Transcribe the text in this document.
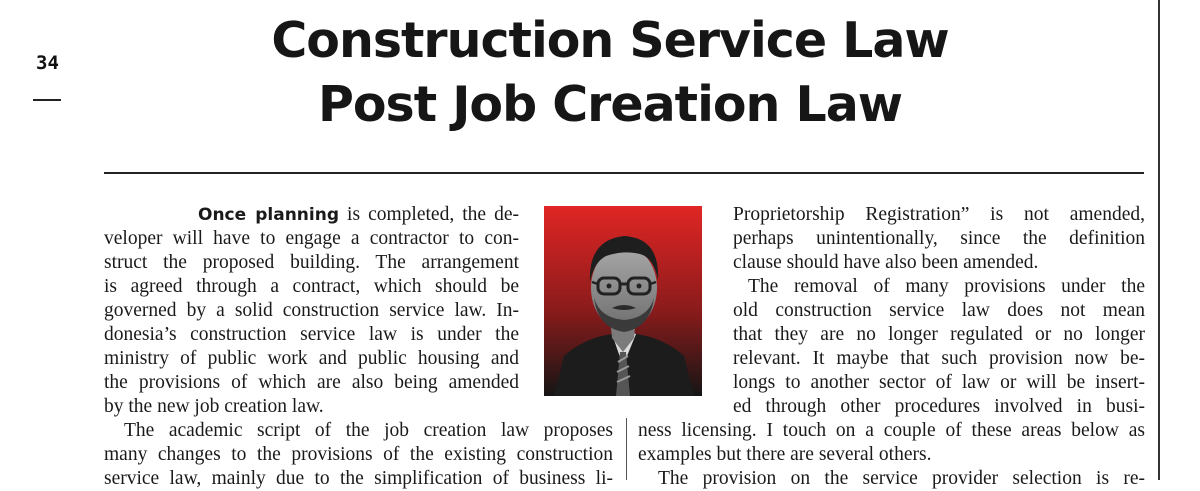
34	Construction Service Law
Post Job Creation Law
Once planning is completed, the de-
veloper will have to engage a contractor to con-
struct the proposed building. The arrangement
is agreed through a contract, which should be
governed by a solid construction service law. In-
donesia’s construction service law is under the
ministry of public work and public housing and
the provisions of which are also being amended
by the new job creation law.
The academic script of the job creation law proposes
many changes to the provisions of the existing construction
service law, mainly due to the simplification of business li-
Proprietorship Registration” is not amended,
perhaps unintentionally, since the definition
clause should have also been amended.
The removal of many provisions under the
old construction service law does not mean
that they are no longer regulated or no longer
relevant. It maybe that such provision now be-
longs to another sector of law or will be insert-
ed through other procedures involved in busi-
ness licensing. I touch on a couple of these areas below as
examples but there are several others.
The provision on the service provider selection is re-
